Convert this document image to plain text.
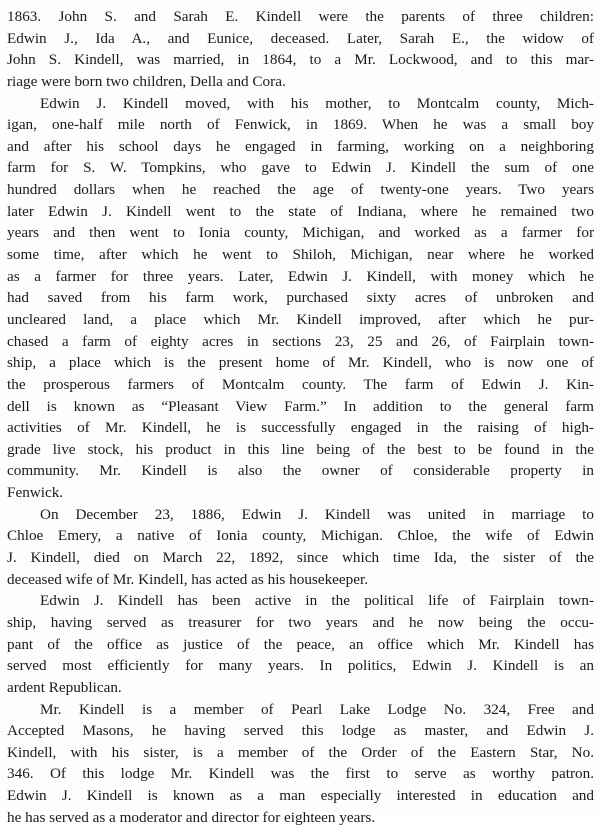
1863. John S. and Sarah E. Kindell were the parents of three children:
Edwin J., Ida A., and Eunice, deceased. Later, Sarah E., the widow of
John S. Kindell, was married, in 1864, to a Mr. Lockwood, and to this mar-
riage were born two children, Della and Cora.
Edwin J. Kindell moved, with his mother, to Montcalm county, Mich-
igan, one-half mile north of Fenwick, in 1869. When he was a small boy
and after his school days he engaged in farming, working on a neighboring
farm for S. W. Tompkins, who gave to Edwin J. Kindell the sum of one
hundred dollars when he reached the age of twenty-one years. Two years
later Edwin J. Kindell went to the state of Indiana, where he remained two
years and then went to Ionia county, Michigan, and worked as a farmer for
some time, after which he went to Shiloh, Michigan, near where he worked
as a farmer for three years. Later, Edwin J. Kindell, with money which he
had saved from his farm work, purchased sixty acres of unbroken and
uncleared land, a place which Mr. Kindell improved, after which he pur-
chased a farm of eighty acres in sections 23, 25 and 26, of Fairplain town-
ship, a place which is the present home of Mr. Kindell, who is now one of
the prosperous farmers of Montcalm county. The farm of Edwin J. Kin-
dell is known as “Pleasant View Farm.” In addition to the general farm
activities of Mr. Kindell, he is successfully engaged in the raising of high-
grade live stock, his product in this line being of the best to be found in the
community. Mr. Kindell is also the owner of considerable property in
Fenwick.
On December 23, 1886, Edwin J. Kindell was united in marriage to
Chloe Emery, a native of Ionia county, Michigan. Chloe, the wife of Edwin
J. Kindell, died on March 22, 1892, since which time Ida, the sister of the
deceased wife of Mr. Kindell, has acted as his housekeeper.
Edwin J. Kindell has been active in the political life of Fairplain town-
ship, having served as treasurer for two years and he now being the occu-
pant of the office as justice of the peace, an office which Mr. Kindell has
served most efficiently for many years. In politics, Edwin J. Kindell is an
ardent Republican.
Mr. Kindell is a member of Pearl Lake Lodge No. 324, Free and
Accepted Masons, he having served this lodge as master, and Edwin J.
Kindell, with his sister, is a member of the Order of the Eastern Star, No.
346. Of this lodge Mr. Kindell was the first to serve as worthy patron.
Edwin J. Kindell is known as a man especially interested in education and
he has served as a moderator and director for eighteen years.
